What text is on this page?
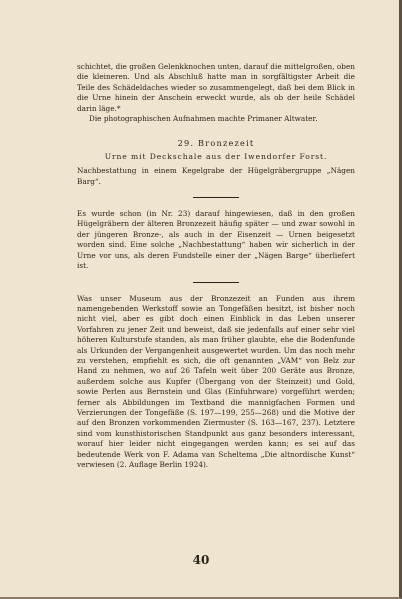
schichtet, die großen Gelenkknochen unten, darauf die mittelgroßen, oben die kleineren. Und als Abschluß hatte man in sorgfältigster Arbeit die Teile des Schädeldaches wieder so zusammengelegt, daß bei dem Blick in die Urne hinein der Anschein erweckt wurde, als ob der heile Schädel darin läge.*

Die photographischen Aufnahmen machte Primaner Altwater.

29. Bronzezeit
Urne mit Deckschale aus der Iwendorfer Forst.

Nachbestattung in einem Kegelgrabe der Hügelgräbergruppe „Nägen Barg“.

Es wurde schon (in Nr. 23) darauf hingewiesen, daß in den großen Hügelgräbern der älteren Bronzezeit häufig später — und zwar sowohl in der jüngeren Bronze-, als auch in der Eisenzeit — Urnen beigesetzt worden sind. Eine solche „Nachbestattung“ haben wir sicherlich in der Urne vor uns, als deren Fundstelle einer der „Nägen Barge“ überliefert ist.

Was unser Museum aus der Bronzezeit an Funden aus ihrem namengebenden Werkstoff sowie an Tongefäßen besitzt, ist bisher noch nicht viel, aber es gibt doch einen Einblick in das Leben unserer Vorfahren zu jener Zeit und beweist, daß sie jedenfalls auf einer sehr viel höheren Kulturstufe standen, als man früher glaubte, ehe die Bodenfunde als Urkunden der Vergangenheit ausgewertet wurden. Um das noch mehr zu verstehen, empfiehlt es sich, die oft genannten „VAM“ von Belz zur Hand zu nehmen, wo auf 26 Tafeln weit über 200 Geräte aus Bronze, außerdem solche aus Kupfer (Übergang von der Steinzeit) und Gold, sowie Perlen aus Bernstein und Glas (Einfuhrware) vorgeführt werden; ferner als Abbildungen im Textband die mannigfachen Formen und Verzierungen der Tongefäße (S. 197—199, 255—268) und die Motive der auf den Bronzen vorkommenden Ziermuster (S. 163—167, 237). Letztere sind vom kunsthistorischen Standpunkt aus ganz besonders interessant, worauf hier leider nicht eingegangen werden kann; es sei auf das bedeutende Werk von F. Adama van Scheltema „Die altnordische Kunst“ verwiesen (2. Auflage Berlin 1924).

40
